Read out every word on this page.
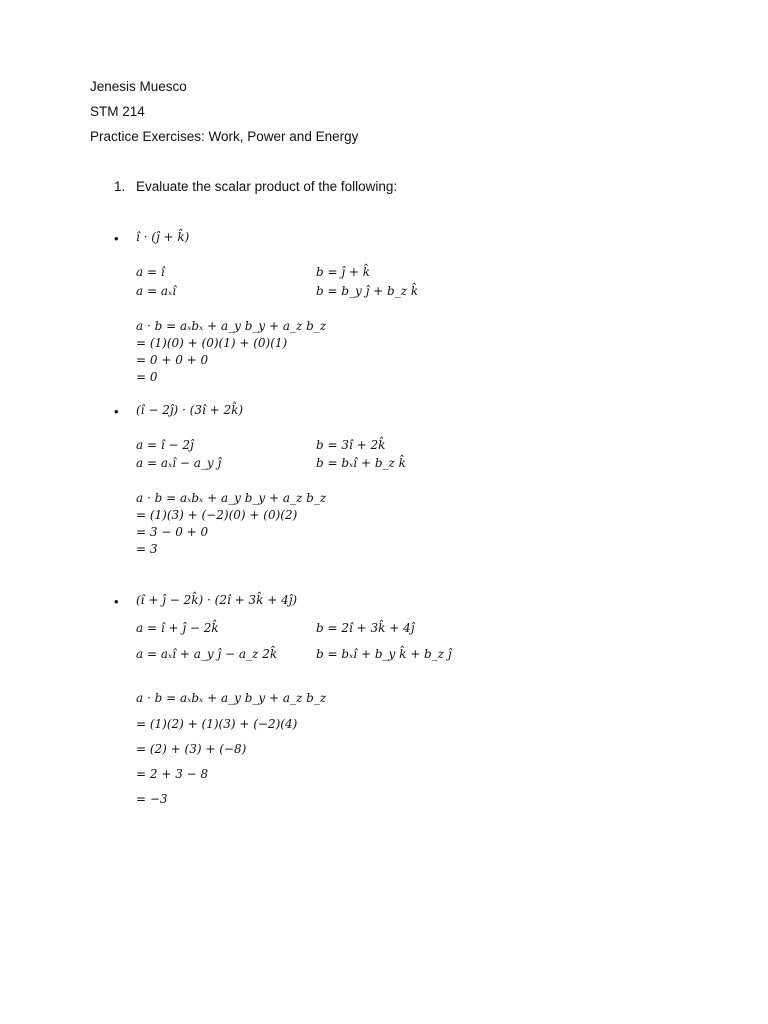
Jenesis Muesco
STM 214
Practice Exercises: Work, Power and Energy
1. Evaluate the scalar product of the following:
• î · (ĵ + k̂)
a = î	b = ĵ + k̂
a = aₓî	b = b_y ĵ + b_z k̂
a · b = aₓbₓ + a_y b_y + a_z b_z
= (1)(0) + (0)(1) + (0)(1)
= 0 + 0 + 0
= 0
• (î − 2ĵ) · (3î + 2k̂)
a = î − 2ĵ	b = 3î + 2k̂
a = aₓî − a_y ĵ	b = bₓî + b_z k̂
a · b = aₓbₓ + a_y b_y + a_z b_z
= (1)(3) + (−2)(0) + (0)(2)
= 3 − 0 + 0
= 3
• (î + ĵ − 2k̂) · (2î + 3k̂ + 4ĵ)
a = î + ĵ − 2k̂	b = 2î + 3k̂ + 4ĵ
a = aₓî + a_y ĵ − a_z 2k̂	b = bₓî + b_y k̂ + b_z ĵ
a · b = aₓbₓ + a_y b_y + a_z b_z
= (1)(2) + (1)(3) + (−2)(4)
= (2) + (3) + (−8)
= 2 + 3 − 8
= −3
